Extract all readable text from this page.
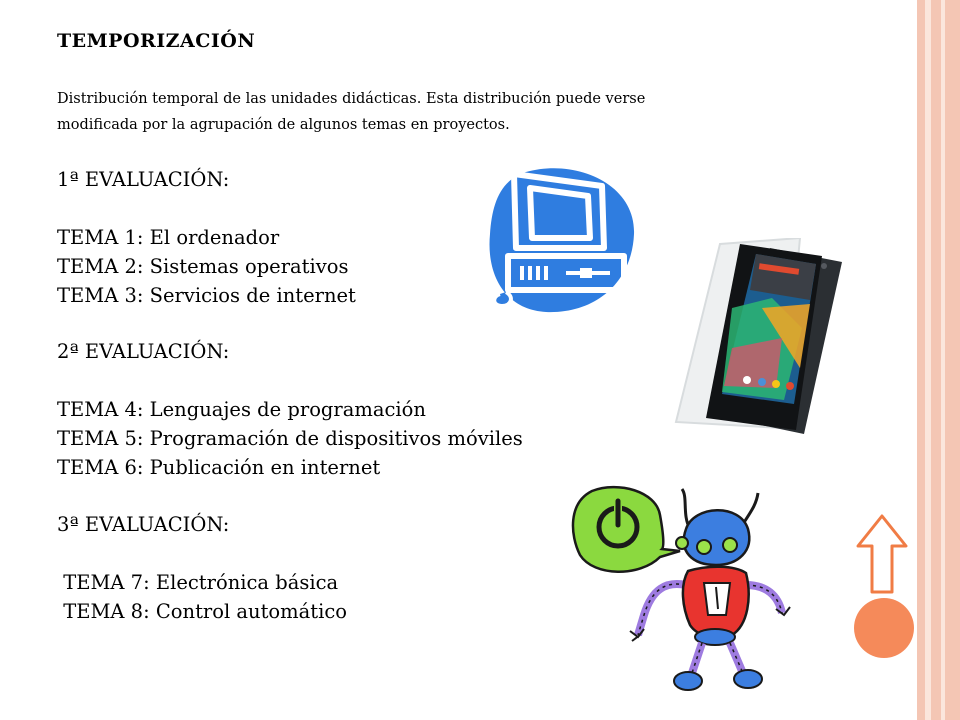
TEMPORIZACIÓN
Distribución temporal de las unidades didácticas. Esta distribución puede verse
modificada por la agrupación de algunos temas en proyectos.
1ª EVALUACIÓN:
TEMA 1: El ordenador
TEMA 2: Sistemas operativos
TEMA 3: Servicios de internet
2ª EVALUACIÓN:
TEMA 4: Lenguajes de programación
TEMA 5: Programación de dispositivos móviles
TEMA 6: Publicación en internet
3ª EVALUACIÓN:
TEMA 7: Electrónica básica
TEMA 8: Control automático
